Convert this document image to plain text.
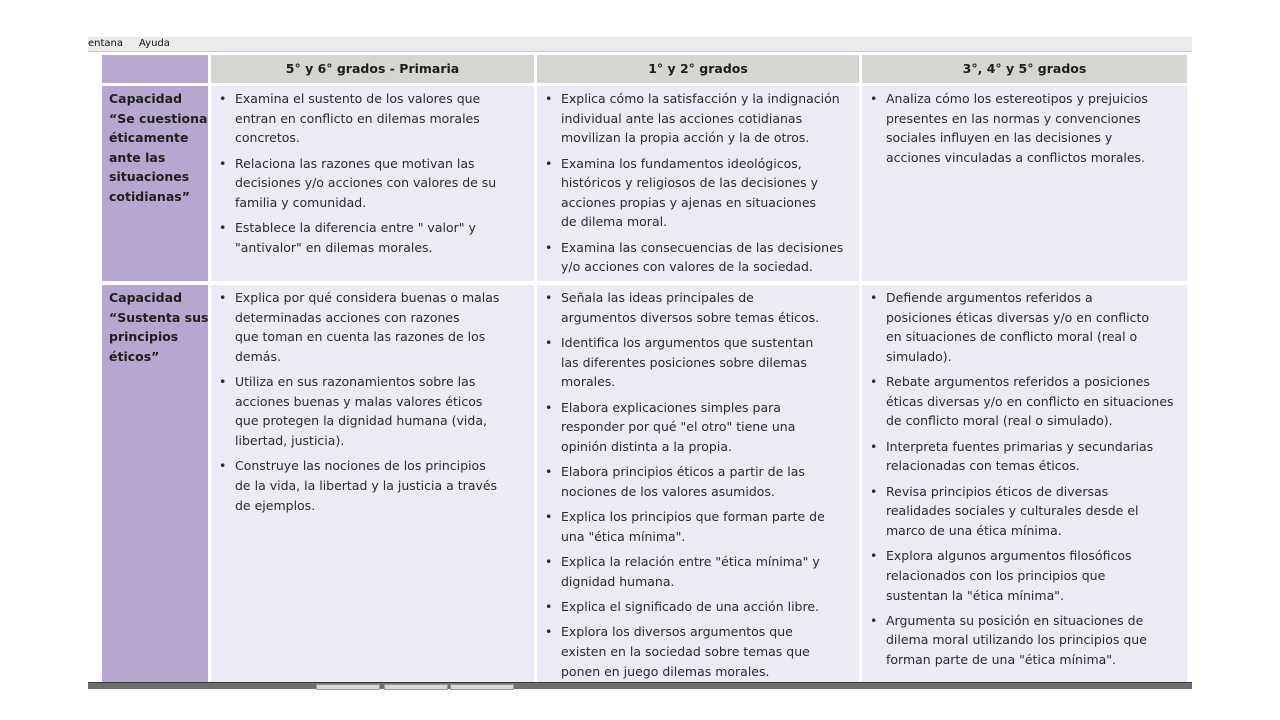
entana Ayuda
5° y 6° grados - Primaria	1° y 2° grados	3°, 4° y 5° grados
Capacidad
“Se cuestiona
éticamente
ante las
situaciones
cotidianas”
• Examina el sustento de los valores que
entran en conflicto en dilemas morales
concretos.
• Relaciona las razones que motivan las
decisiones y/o acciones con valores de su
familia y comunidad.
• Establece la diferencia entre " valor" y
"antivalor" en dilemas morales.
• Explica cómo la satisfacción y la indignación
individual ante las acciones cotidianas
movilizan la propia acción y la de otros.
• Examina los fundamentos ideológicos,
históricos y religiosos de las decisiones y
acciones propias y ajenas en situaciones
de dilema moral.
• Examina las consecuencias de las decisiones
y/o acciones con valores de la sociedad.
• Analiza cómo los estereotipos y prejuicios
presentes en las normas y convenciones
sociales influyen en las decisiones y
acciones vinculadas a conflictos morales.
Capacidad
“Sustenta sus
principios
éticos”
• Explica por qué considera buenas o malas
determinadas acciones con razones
que toman en cuenta las razones de los
demás.
• Utiliza en sus razonamientos sobre las
acciones buenas y malas valores éticos
que protegen la dignidad humana (vida,
libertad, justicia).
• Construye las nociones de los principios
de la vida, la libertad y la justicia a través
de ejemplos.
• Señala las ideas principales de
argumentos diversos sobre temas éticos.
• Identifica los argumentos que sustentan
las diferentes posiciones sobre dilemas
morales.
• Elabora explicaciones simples para
responder por qué "el otro" tiene una
opinión distinta a la propia.
• Elabora principios éticos a partir de las
nociones de los valores asumidos.
• Explica los principios que forman parte de
una "ética mínima".
• Explica la relación entre "ética mínima" y
dignidad humana.
• Explica el significado de una acción libre.
• Explora los diversos argumentos que
existen en la sociedad sobre temas que
ponen en juego dilemas morales.
• Defiende argumentos referidos a
posiciones éticas diversas y/o en conflicto
en situaciones de conflicto moral (real o
simulado).
• Rebate argumentos referidos a posiciones
éticas diversas y/o en conflicto en situaciones
de conflicto moral (real o simulado).
• Interpreta fuentes primarias y secundarias
relacionadas con temas éticos.
• Revisa principios éticos de diversas
realidades sociales y culturales desde el
marco de una ética mínima.
• Explora algunos argumentos filosóficos
relacionados con los principios que
sustentan la "ética mínima".
• Argumenta su posición en situaciones de
dilema moral utilizando los principios que
forman parte de una "ética mínima".
